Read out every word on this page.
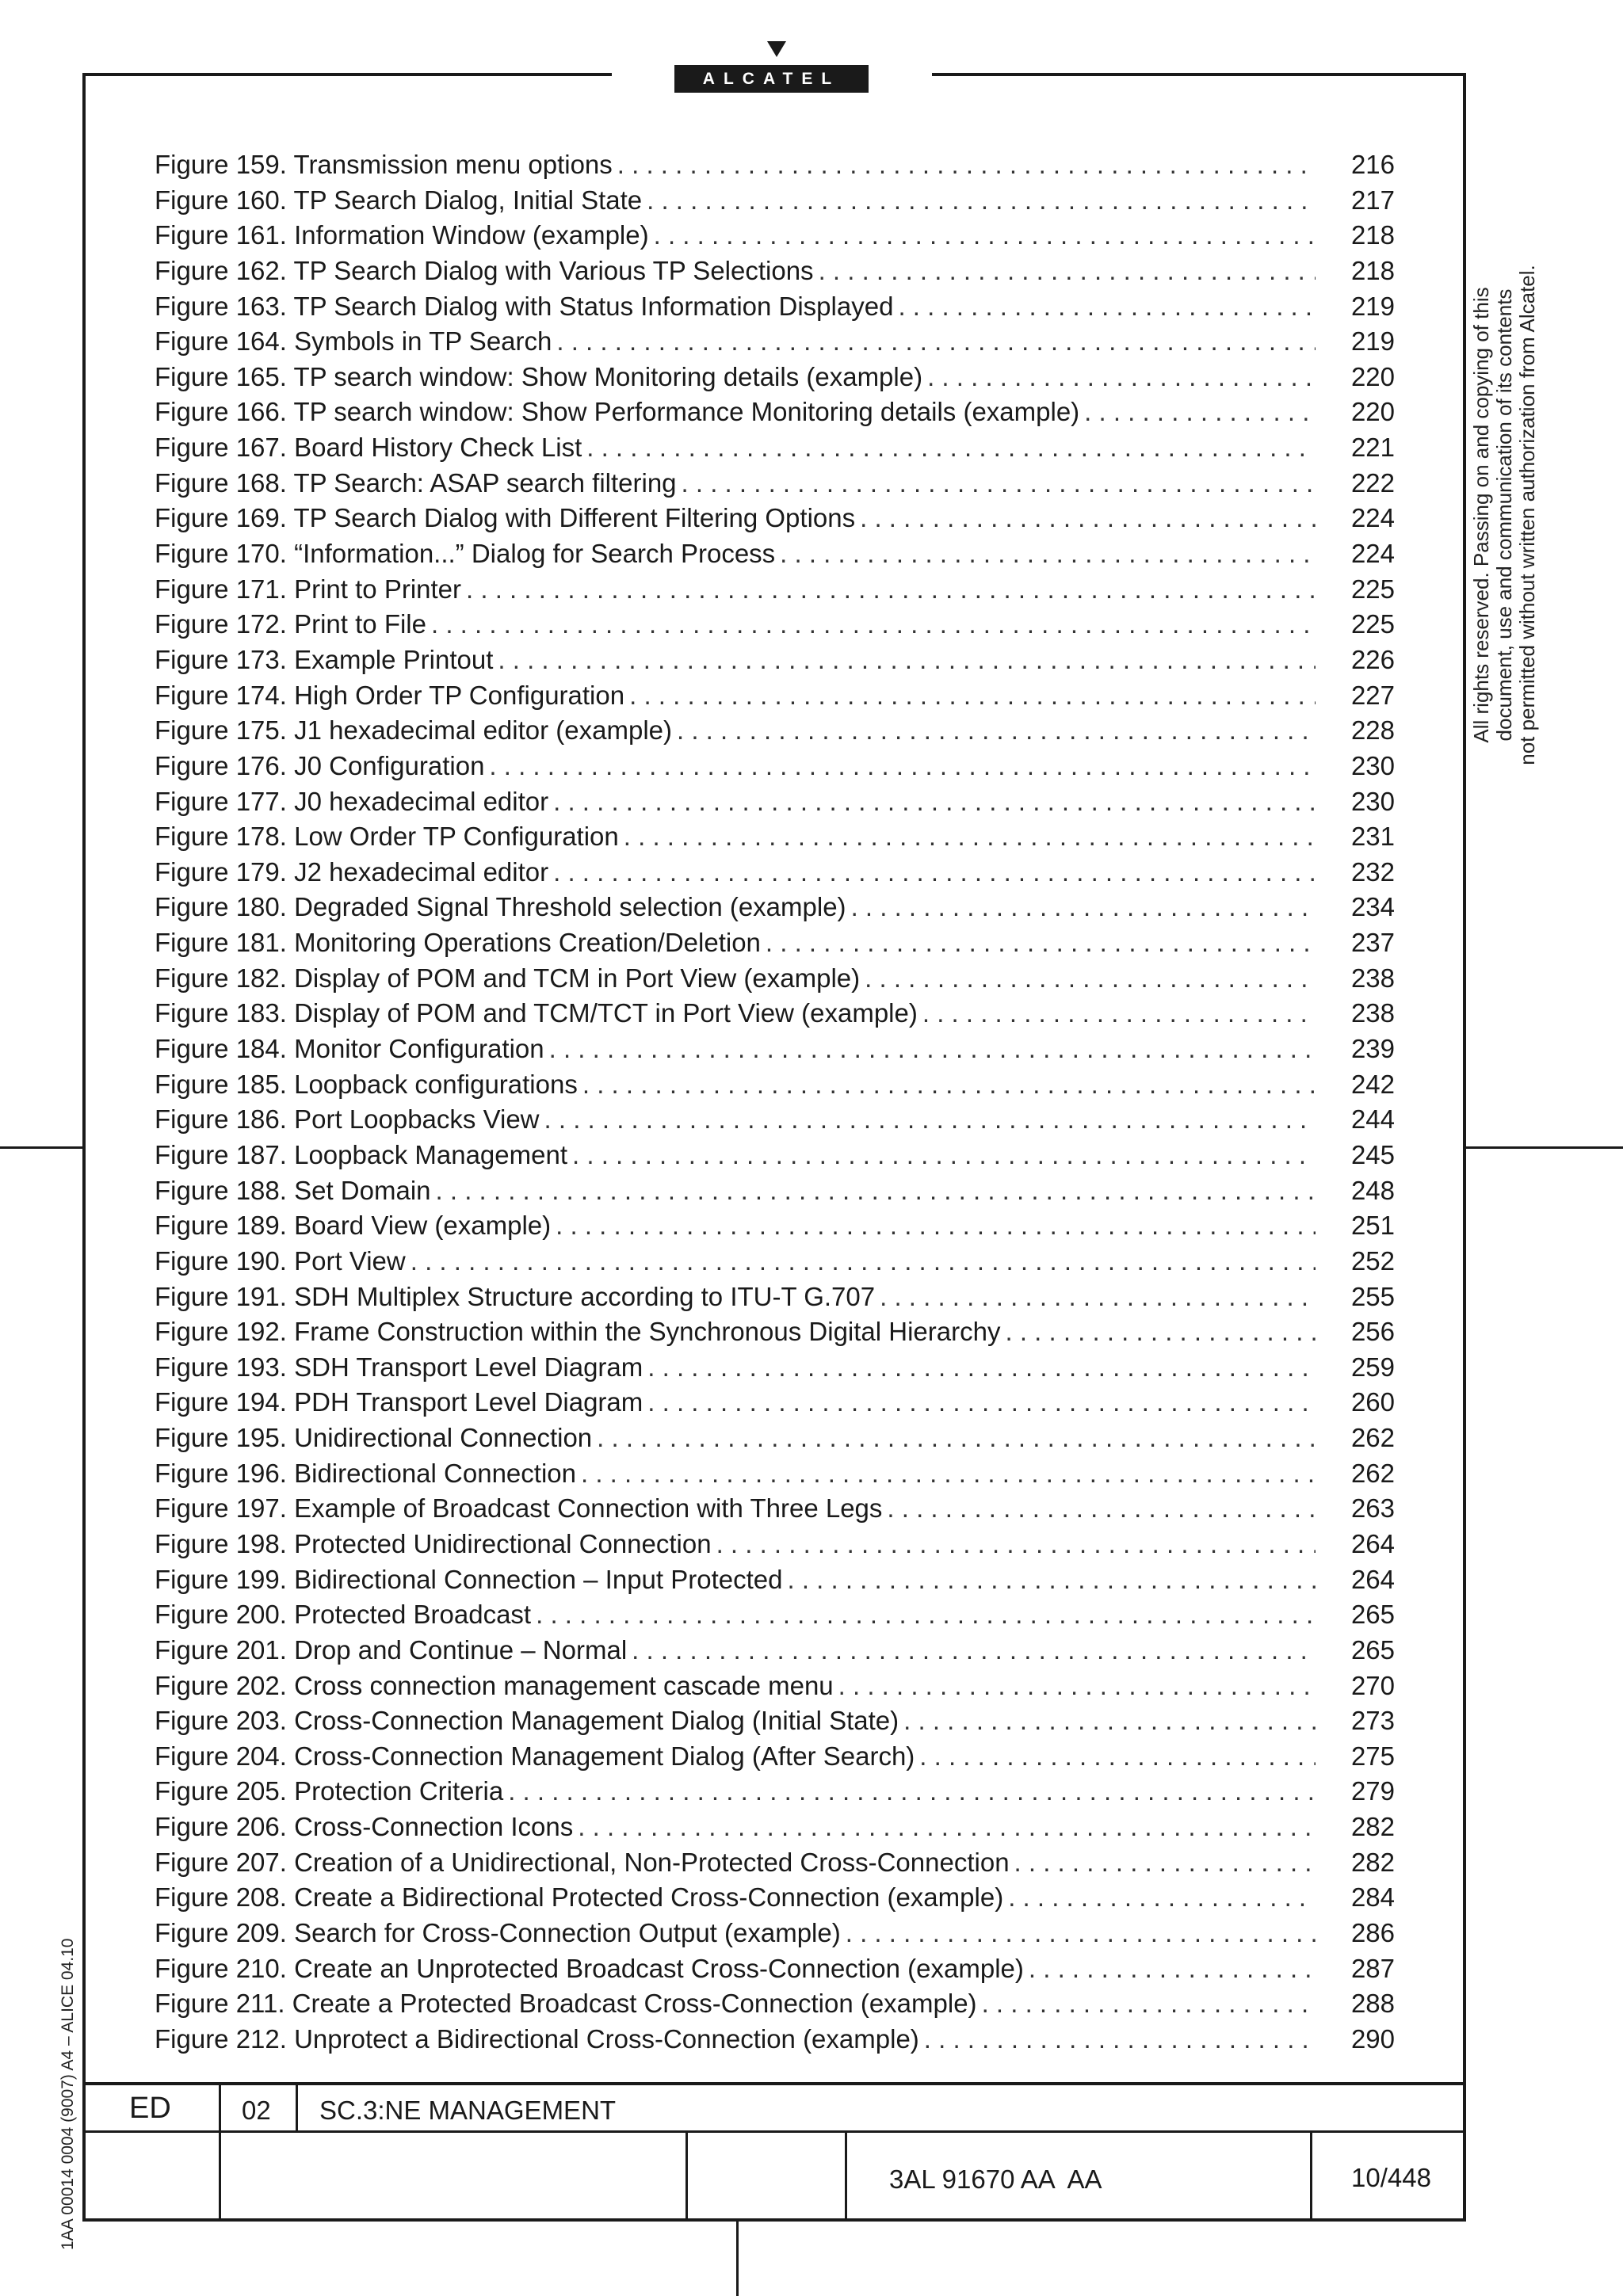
ALCATEL
Figure 159. Transmission menu options . . .	216
Figure 160. TP Search Dialog, Initial State . . .	217
Figure 161. Information Window (example) . . .	218
Figure 162. TP Search Dialog with Various TP Selections . . .	218
Figure 163. TP Search Dialog with Status Information Displayed . . .	219
Figure 164. Symbols in TP Search . . .	219
Figure 165. TP search window: Show Monitoring details (example) . . .	220
Figure 166. TP search window: Show Performance Monitoring details (example) . . .	220
Figure 167. Board History Check List . . .	221
Figure 168. TP Search: ASAP search filtering . . .	222
Figure 169. TP Search Dialog with Different Filtering Options . . .	224
Figure 170. “Information...” Dialog for Search Process . . .	224
Figure 171. Print to Printer . . .	225
Figure 172. Print to File . . .	225
Figure 173. Example Printout . . .	226
Figure 174. High Order TP Configuration . . .	227
Figure 175. J1 hexadecimal editor (example) . . .	228
Figure 176. J0 Configuration . . .	230
Figure 177. J0 hexadecimal editor . . .	230
Figure 178. Low Order TP Configuration . . .	231
Figure 179. J2 hexadecimal editor . . .	232
Figure 180. Degraded Signal Threshold selection (example) . . .	234
Figure 181. Monitoring Operations Creation/Deletion . . .	237
Figure 182. Display of POM and TCM in Port View (example) . . .	238
Figure 183. Display of POM and TCM/TCT in Port View (example) . . .	238
Figure 184. Monitor Configuration . . .	239
Figure 185. Loopback configurations . . .	242
Figure 186. Port Loopbacks View . . .	244
Figure 187. Loopback Management . . .	245
Figure 188. Set Domain . . .	248
Figure 189. Board View (example) . . .	251
Figure 190. Port View . . .	252
Figure 191. SDH Multiplex Structure according to ITU-T G.707 . . .	255
Figure 192. Frame Construction within the Synchronous Digital Hierarchy . . .	256
Figure 193. SDH Transport Level Diagram . . .	259
Figure 194. PDH Transport Level Diagram . . .	260
Figure 195. Unidirectional Connection . . .	262
Figure 196. Bidirectional Connection . . .	262
Figure 197. Example of Broadcast Connection with Three Legs . . .	263
Figure 198. Protected Unidirectional Connection . . .	264
Figure 199. Bidirectional Connection – Input Protected . . .	264
Figure 200. Protected Broadcast . . .	265
Figure 201. Drop and Continue – Normal . . .	265
Figure 202. Cross connection management cascade menu . . .	270
Figure 203. Cross-Connection Management Dialog (Initial State) . . .	273
Figure 204. Cross-Connection Management Dialog (After Search) . . .	275
Figure 205. Protection Criteria . . .	279
Figure 206. Cross-Connection Icons . . .	282
Figure 207. Creation of a Unidirectional, Non-Protected Cross-Connection . . .	282
Figure 208. Create a Bidirectional Protected Cross-Connection (example) . . .	284
Figure 209. Search for Cross-Connection Output (example) . . .	286
Figure 210. Create an Unprotected Broadcast Cross-Connection (example) . . .	287
Figure 211. Create a Protected Broadcast Cross-Connection (example) . . .	288
Figure 212. Unprotect a Bidirectional Cross-Connection (example) . . .	290
All rights reserved. Passing on and copying of this document, use and communication of its contents not permitted without written authorization from Alcatel.
1AA 00014 0004 (9007) A4 – ALICE 04.10 ED	02 SC.3:NE MANAGEMENT
3AL 91670 AA  AA	10/448
